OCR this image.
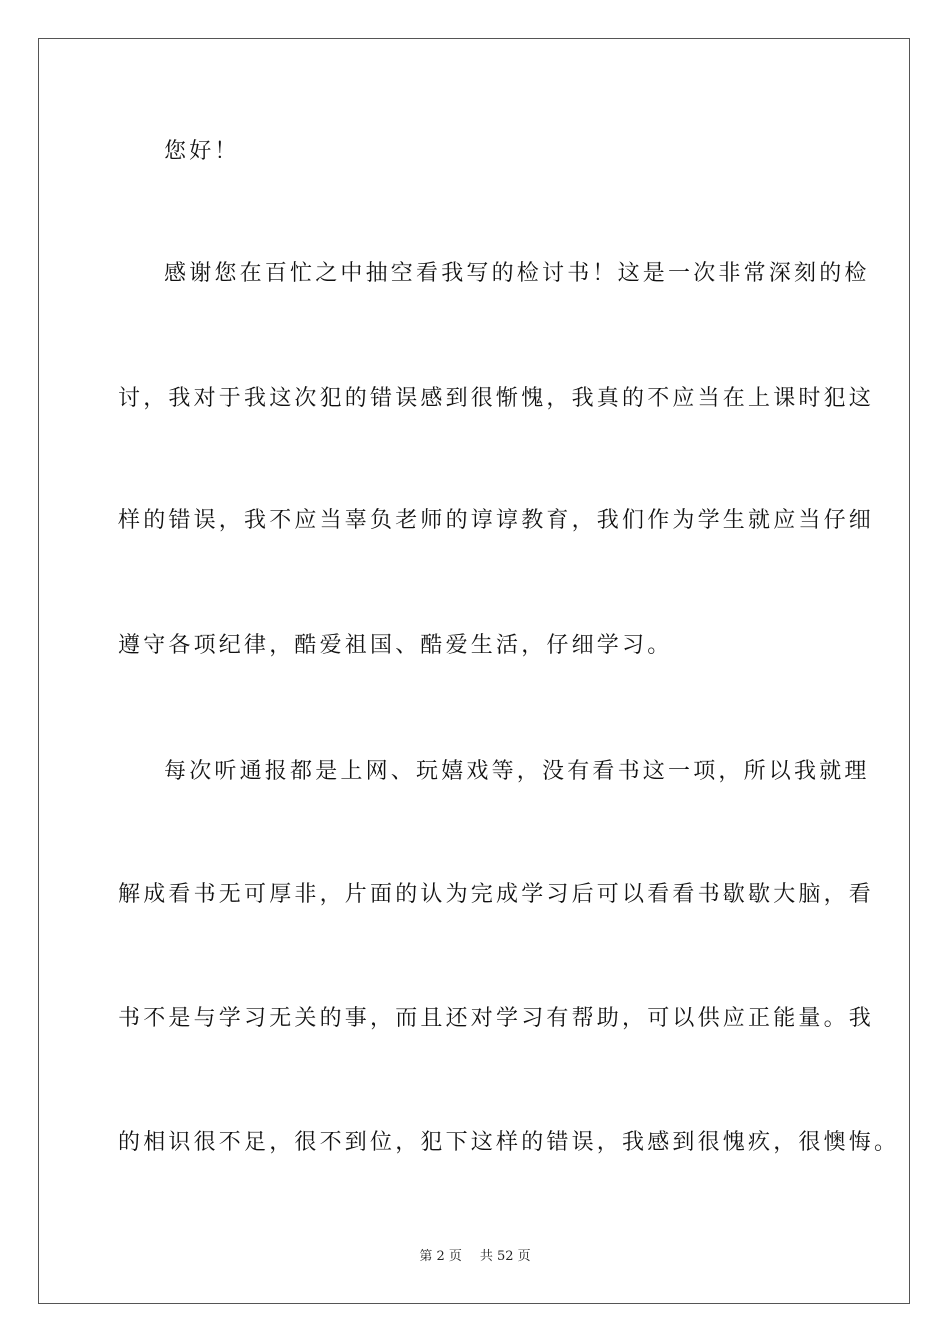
您好！
感谢您在百忙之中抽空看我写的检讨书！这是一次非常深刻的检
讨，我对于我这次犯的错误感到很惭愧，我真的不应当在上课时犯这
样的错误，我不应当辜负老师的谆谆教育，我们作为学生就应当仔细
遵守各项纪律，酷爱祖国、酷爱生活，仔细学习。
每次听通报都是上网、玩嬉戏等，没有看书这一项，所以我就理
解成看书无可厚非，片面的认为完成学习后可以看看书歇歇大脑，看
书不是与学习无关的事，而且还对学习有帮助，可以供应正能量。我
的相识很不足，很不到位，犯下这样的错误，我感到很愧疚，很懊悔。
第 2 页 共 52 页
